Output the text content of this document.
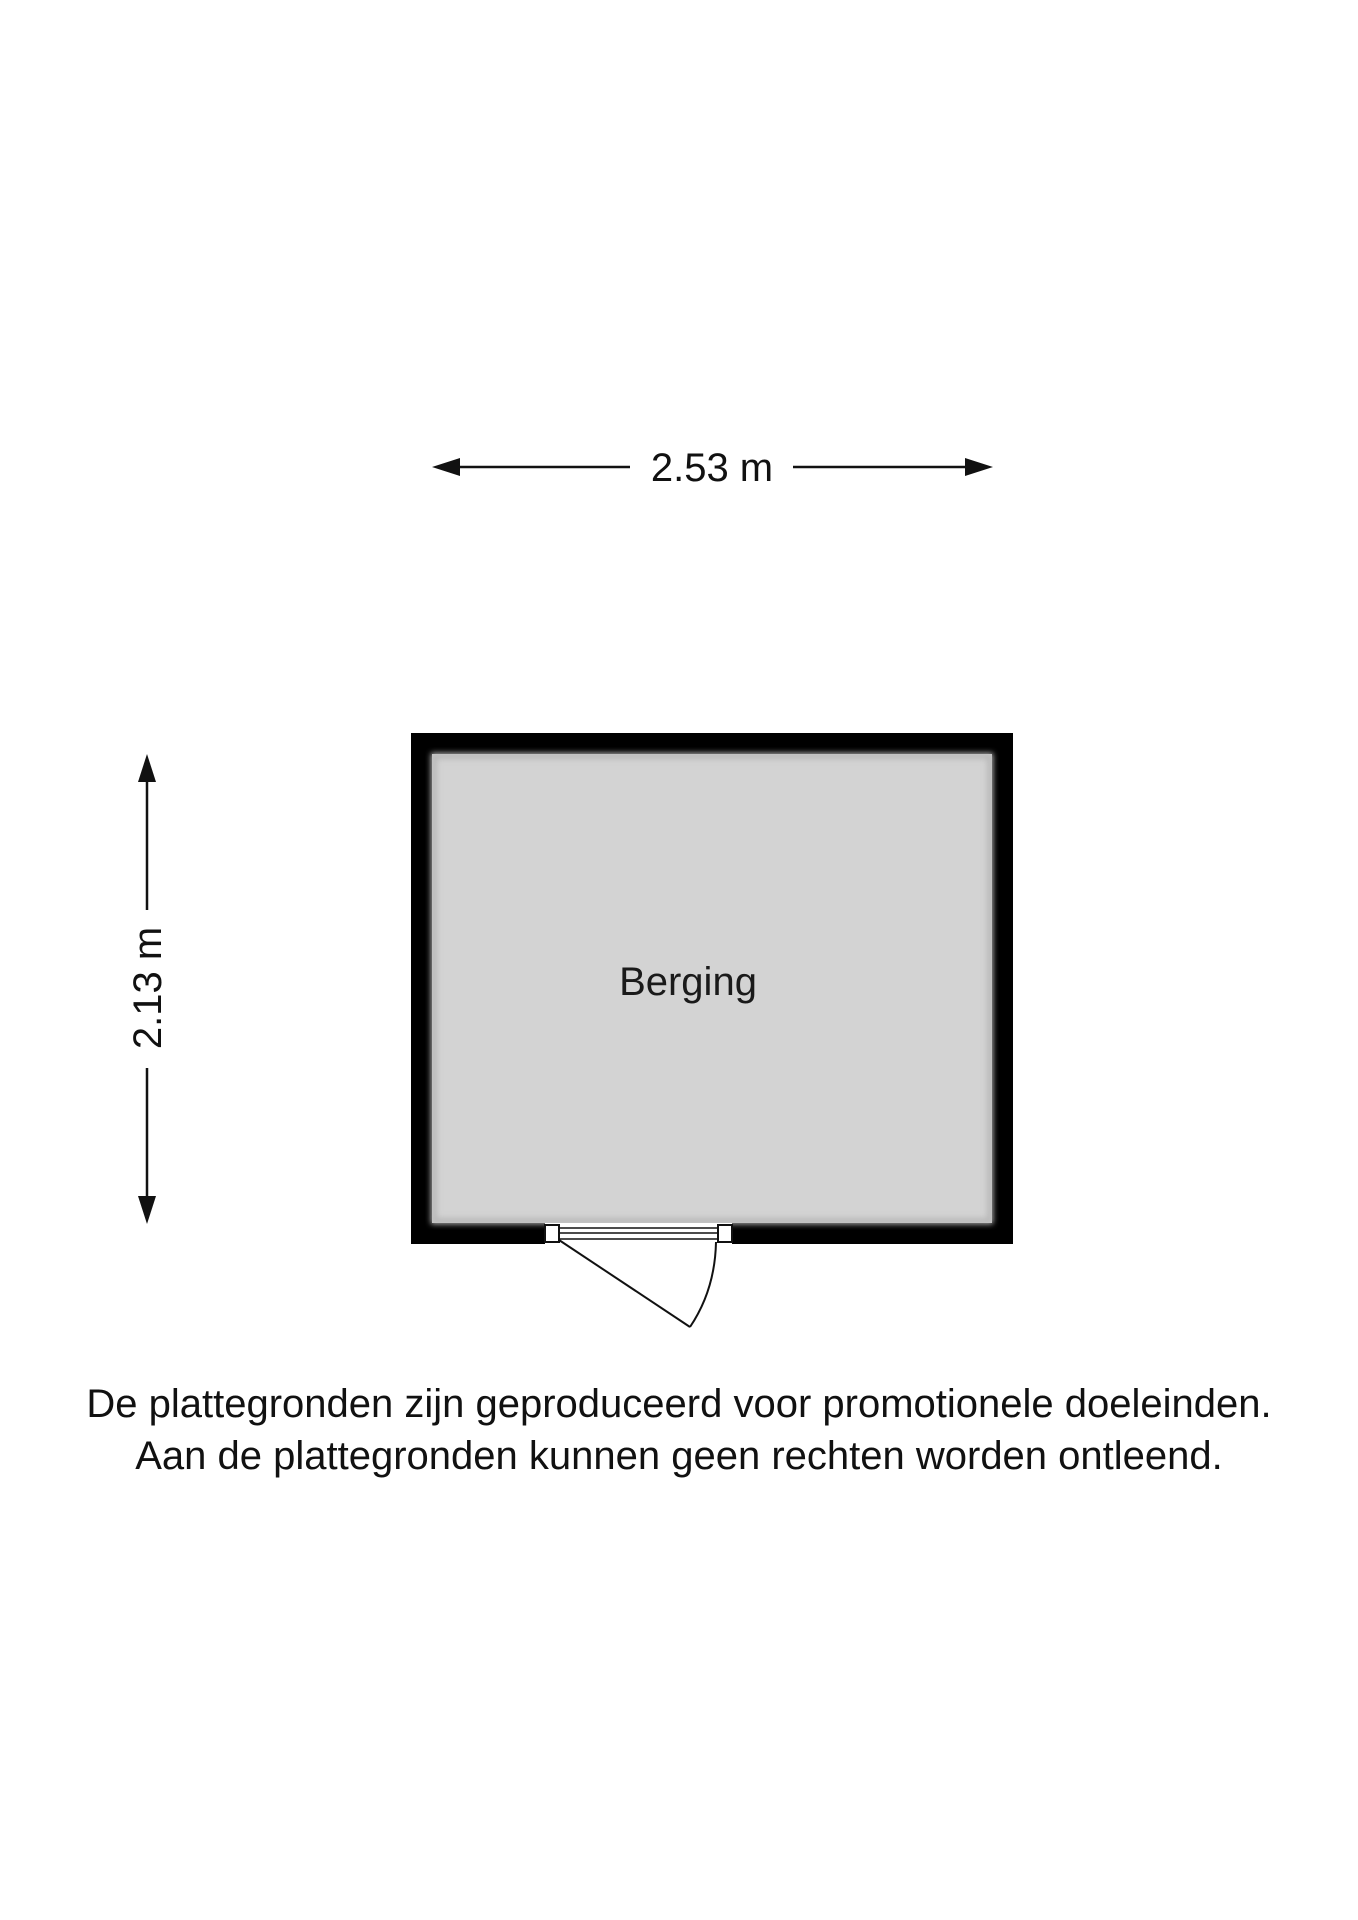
2.53 m
2.13 m	Berging
De plattegronden zijn geproduceerd voor promotionele doeleinden.
Aan de plattegronden kunnen geen rechten worden ontleend.
